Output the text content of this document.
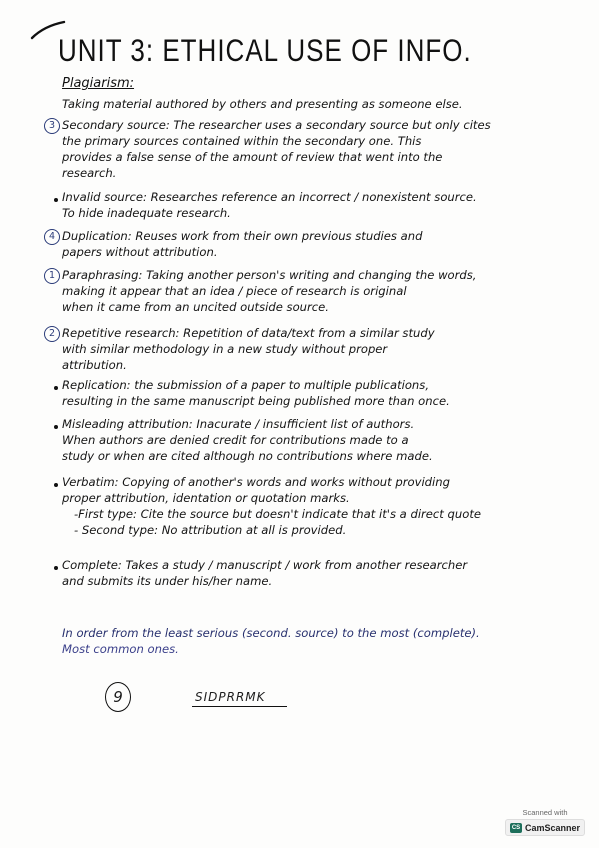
UNIT 3: ETHICAL USE OF INFO.
Plagiarism:
Taking material authored by others and presenting as someone else.
3 Secondary source: The researcher uses a secondary source but only cites
the primary sources contained within the secondary one. This
provides a false sense of the amount of review that went into the
research.
Invalid source: Researches reference an incorrect / nonexistent source.
To hide inadequate research.
4 Duplication: Reuses work from their own previous studies and
papers without attribution.
1 Paraphrasing: Taking another person's writing and changing the words,
making it appear that an idea / piece of research is original
when it came from an uncited outside source.
2 Repetitive research: Repetition of data/text from a similar study
with similar methodology in a new study without proper
attribution.
Replication: the submission of a paper to multiple publications,
resulting in the same manuscript being published more than once.
Misleading attribution: Inacurate / insufficient list of authors.
When authors are denied credit for contributions made to a
study or when are cited although no contributions where made.
Verbatim: Copying of another's words and works without providing
proper attribution, identation or quotation marks.
-First type: Cite the source but doesn't indicate that it's a direct quote
- Second type: No attribution at all is provided.
Complete: Takes a study / manuscript / work from another researcher
and submits its under his/her name.
In order from the least serious (second. source) to the most (complete).
Most common ones.
9	SIDPRRMK
Scanned with
CS CamScanner
